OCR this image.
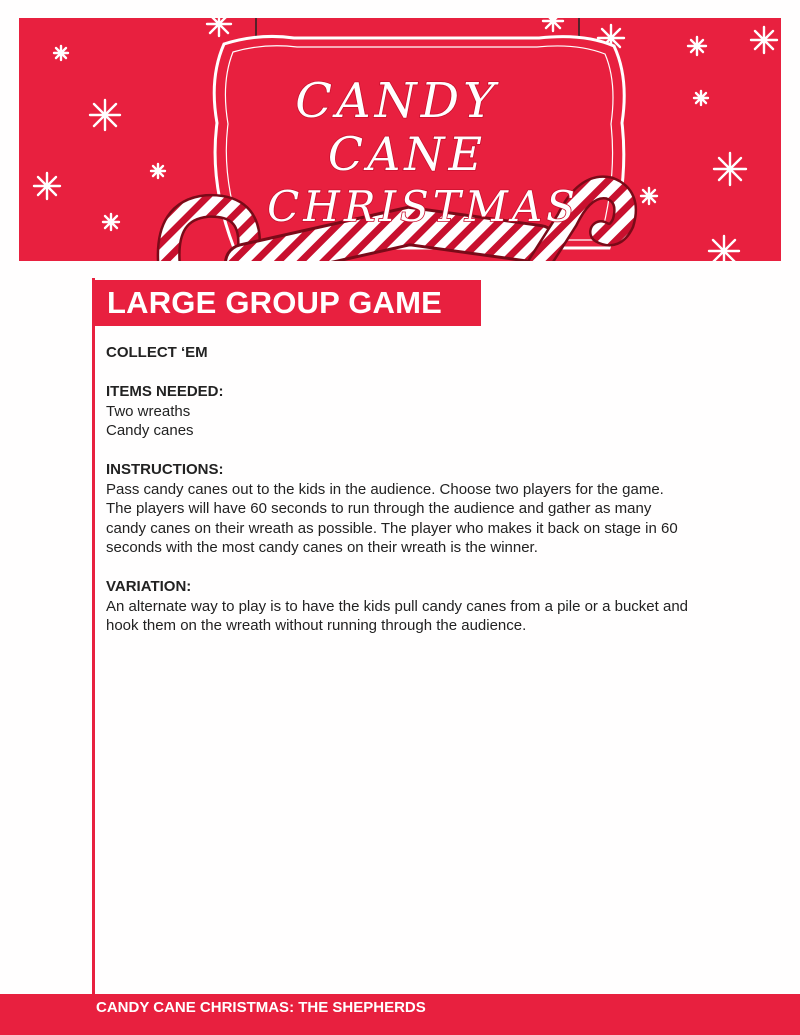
CANDY
CANE
CHRISTMAS
LARGE GROUP GAME

COLLECT ‘EM

ITEMS NEEDED:

Two wreaths

Candy canes

INSTRUCTIONS:

Pass candy canes out to the kids in the audience. Choose two players for the game.

The players will have 60 seconds to run through the audience and gather as many

candy canes on their wreath as possible. The player who makes it back on stage in 60

seconds with the most candy canes on their wreath is the winner.

VARIATION:

An alternate way to play is to have the kids pull candy canes from a pile or a bucket and

hook them on the wreath without running through the audience.

CANDY CANE CHRISTMAS: THE SHEPHERDS
